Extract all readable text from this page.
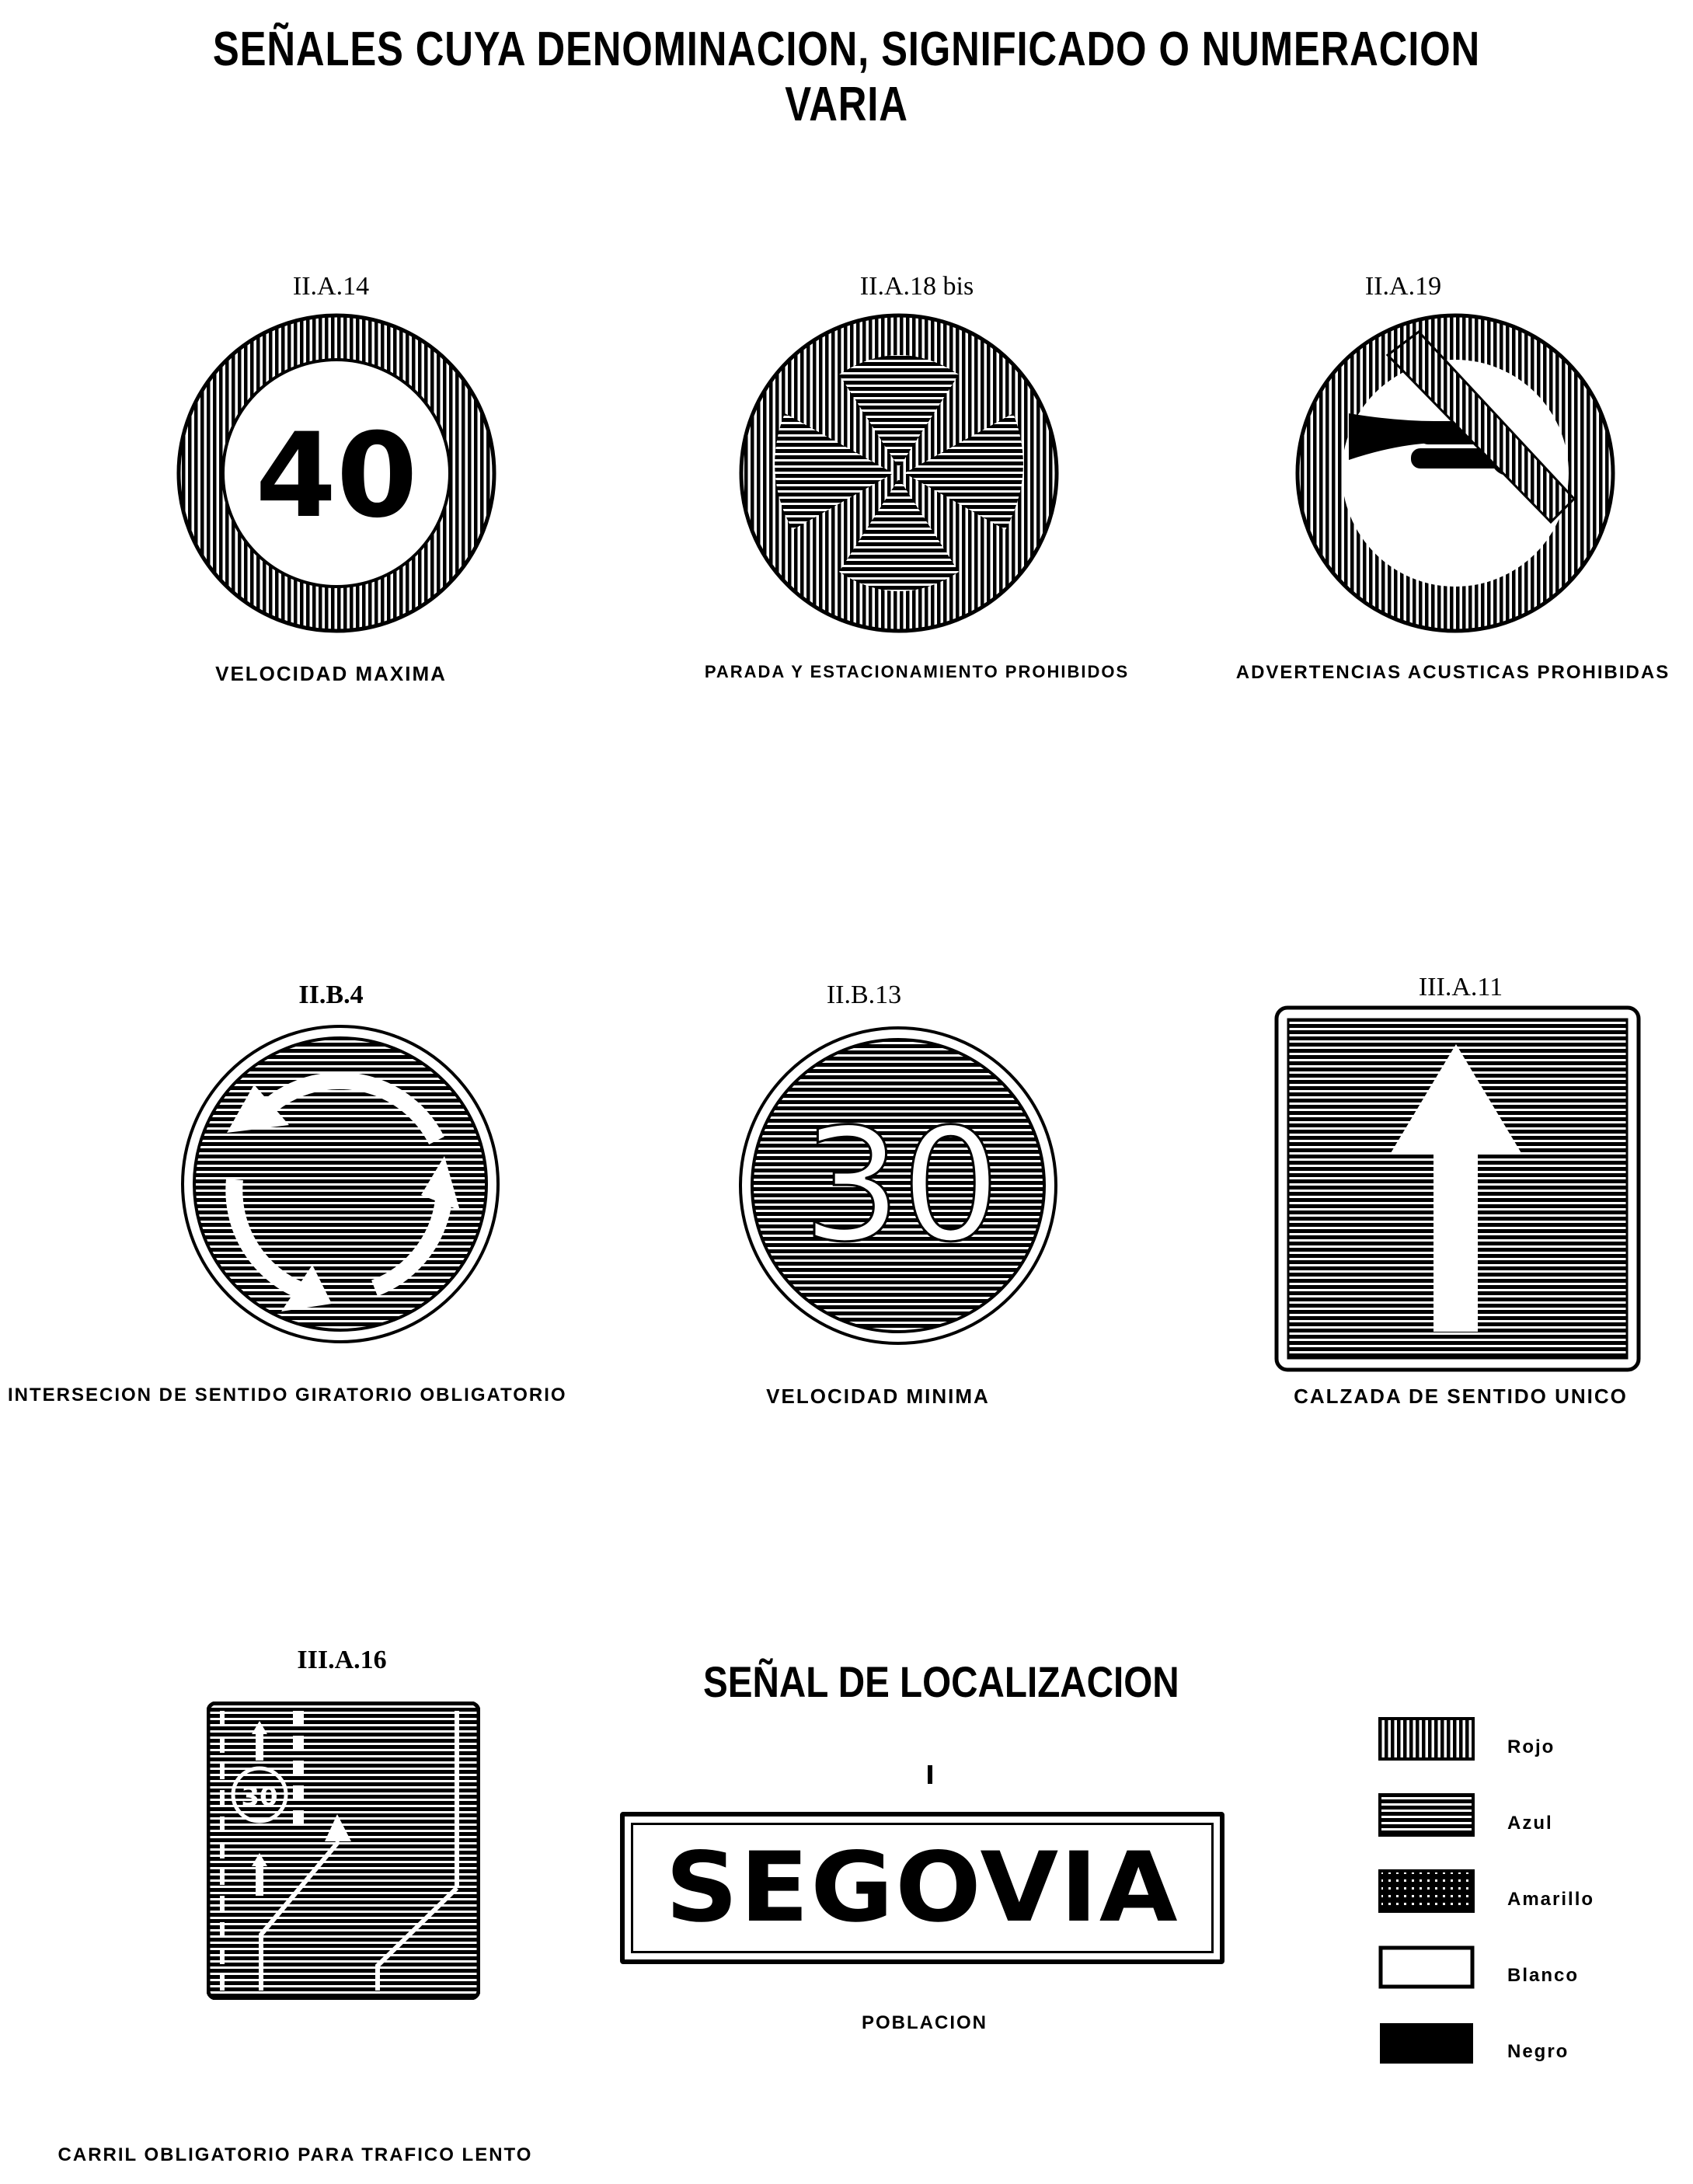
SEÑALES CUYA DENOMINACION, SIGNIFICADO O NUMERACION VARIA
II.A.14
40
VELOCIDAD MAXIMA
II.A.18 bis
PARADA Y ESTACIONAMIENTO PROHIBIDOS
II.A.19
ADVERTENCIAS ACUSTICAS PROHIBIDAS
II.B.4
INTERSECION DE SENTIDO GIRATORIO OBLIGATORIO
II.B.13
30
VELOCIDAD MINIMA
III.A.11
CALZADA DE SENTIDO UNICO
III.A.16
30
CARRIL OBLIGATORIO PARA TRAFICO LENTO
SEÑAL DE LOCALIZACION
SEGOVIA
POBLACION
Rojo
Azul
Amarillo
Blanco
Negro
